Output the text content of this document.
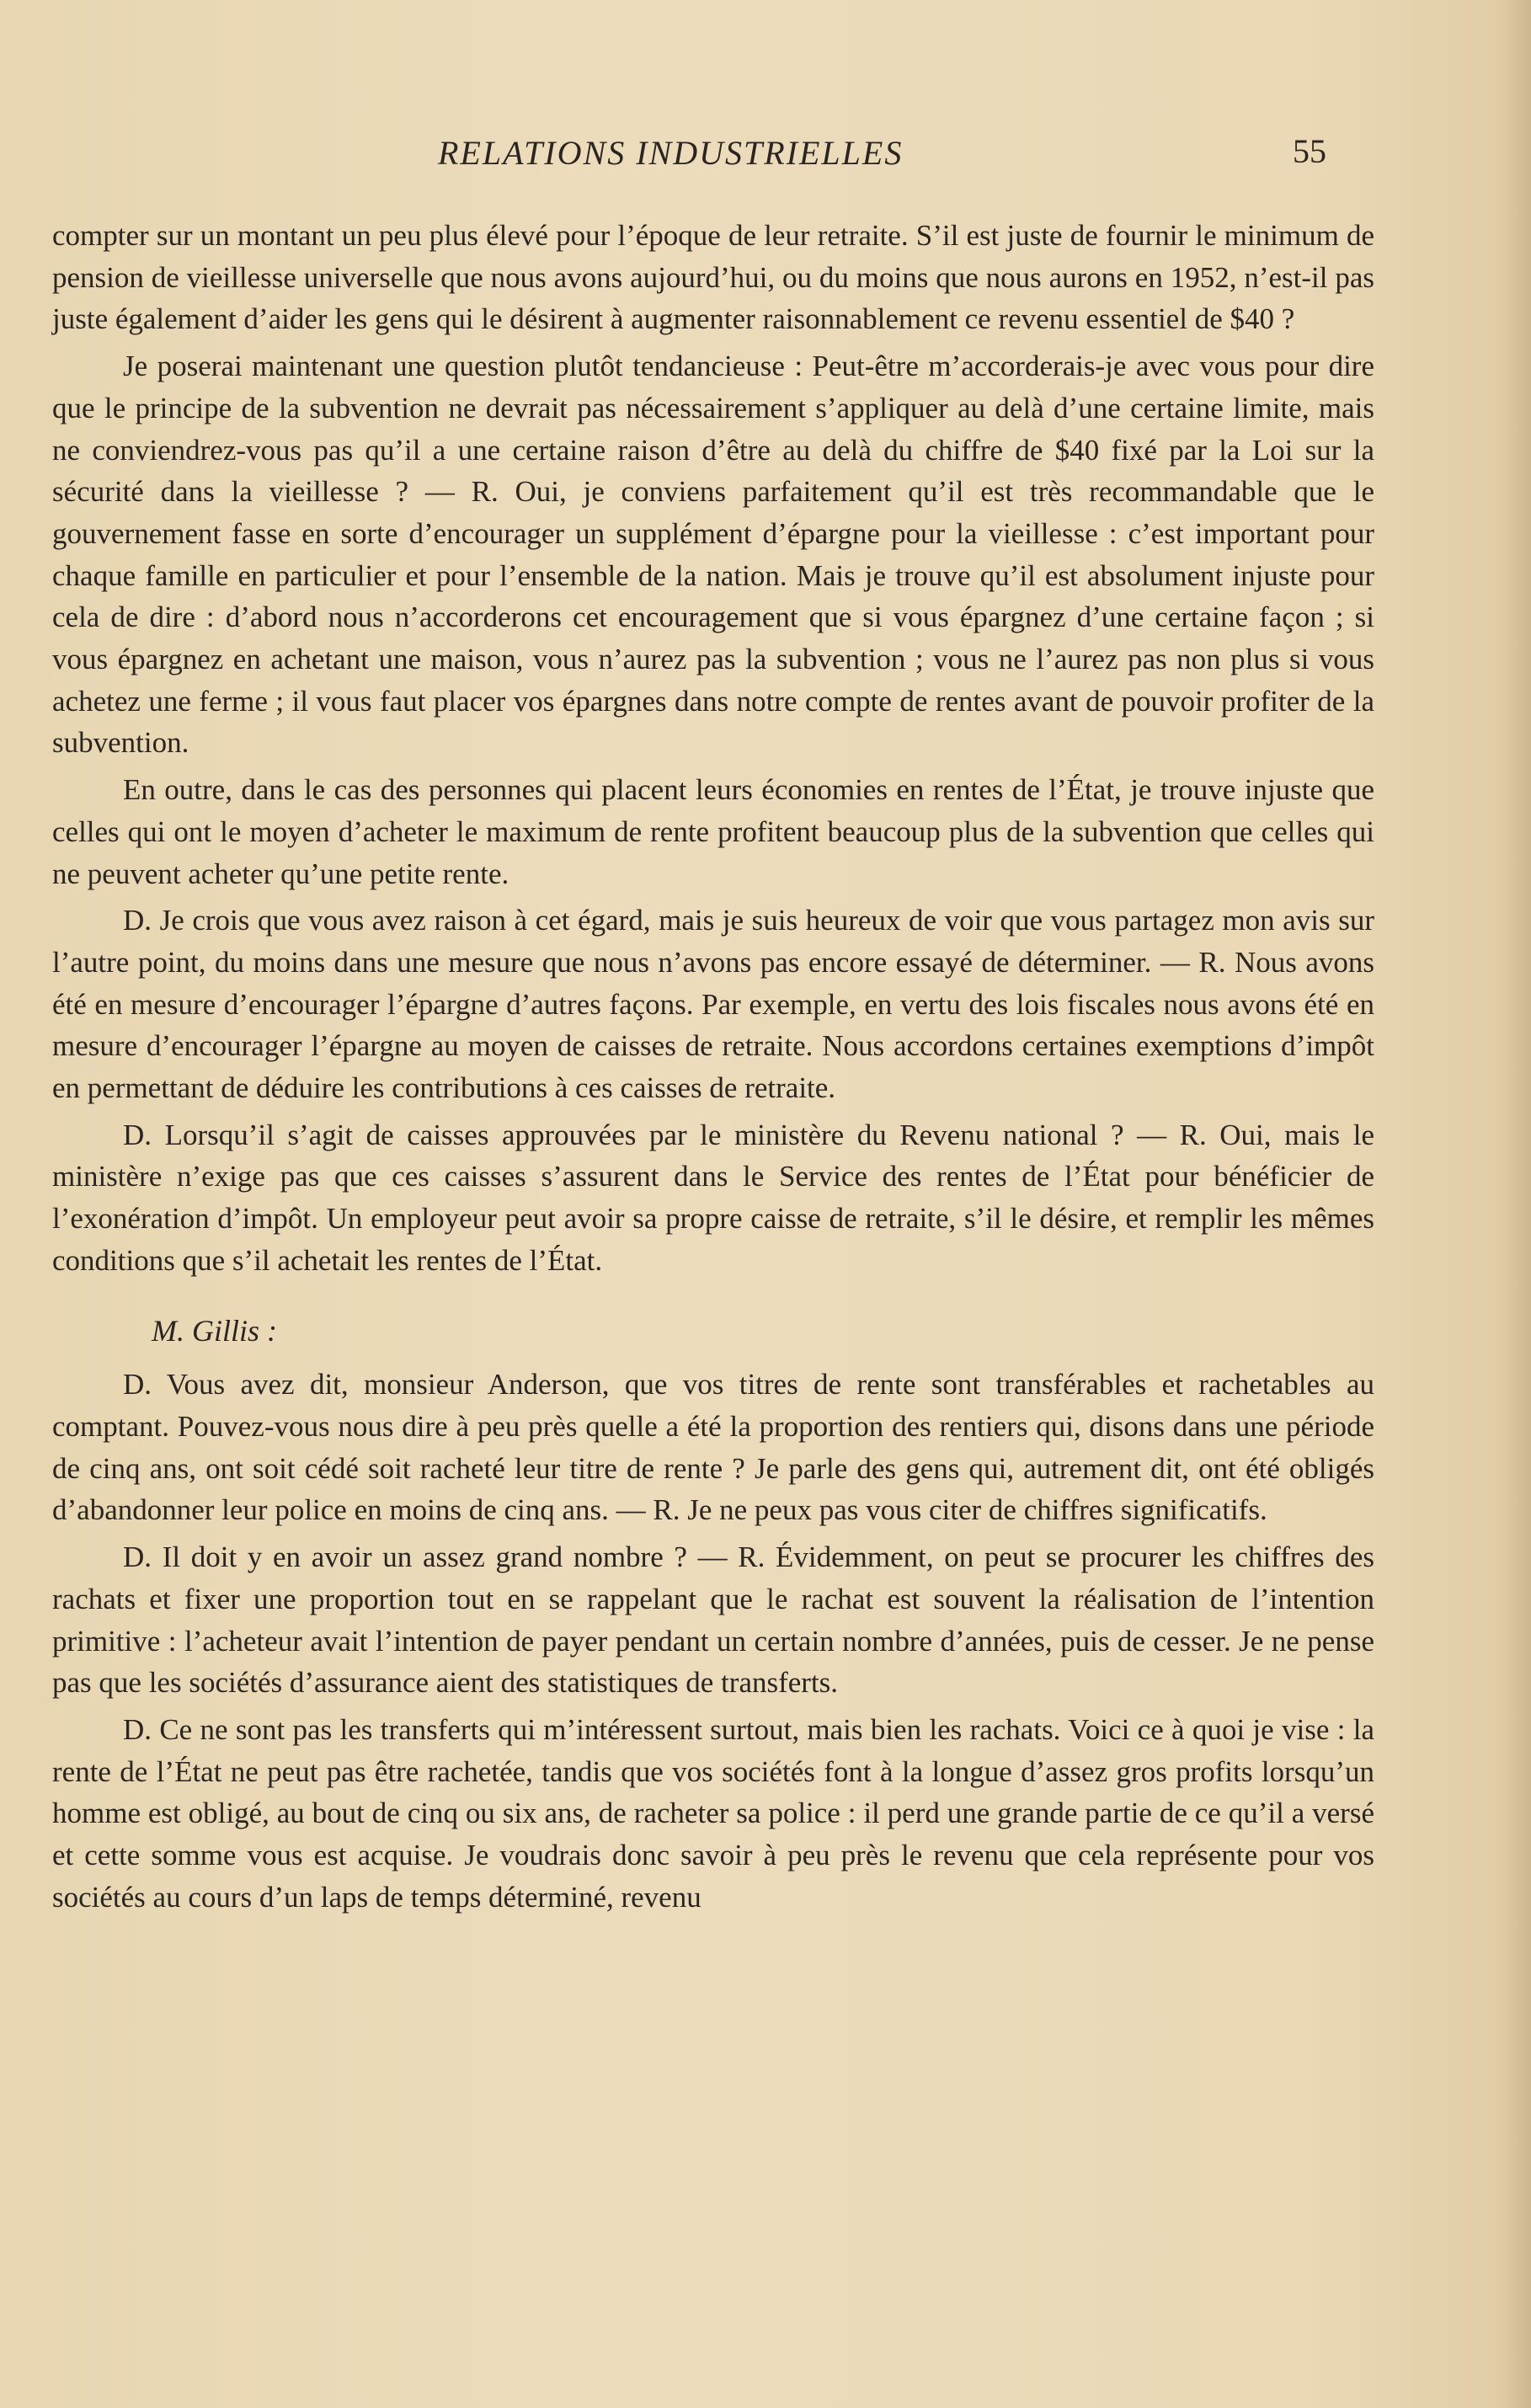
RELATIONS INDUSTRIELLES	55

compter sur un montant un peu plus élevé pour l’époque de leur retraite. S’il est juste de fournir le minimum de pension de vieillesse universelle que nous avons aujourd’hui, ou du moins que nous aurons en 1952, n’est-il pas juste également d’aider les gens qui le désirent à augmenter raisonnablement ce revenu essentiel de $40 ?

Je poserai maintenant une question plutôt tendancieuse : Peut-être m’accorderais-je avec vous pour dire que le principe de la subvention ne devrait pas nécessairement s’appliquer au delà d’une certaine limite, mais ne conviendrez-vous pas qu’il a une certaine raison d’être au delà du chiffre de $40 fixé par la Loi sur la sécurité dans la vieillesse ? — R. Oui, je conviens parfaitement qu’il est très recommandable que le gouvernement fasse en sorte d’encourager un supplément d’épargne pour la vieillesse : c’est important pour chaque famille en particulier et pour l’ensemble de la nation. Mais je trouve qu’il est absolument injuste pour cela de dire : d’abord nous n’accorderons cet encouragement que si vous épargnez d’une certaine façon ; si vous épargnez en achetant une maison, vous n’aurez pas la subvention ; vous ne l’aurez pas non plus si vous achetez une ferme ; il vous faut placer vos épargnes dans notre compte de rentes avant de pouvoir profiter de la subvention.

En outre, dans le cas des personnes qui placent leurs économies en rentes de l’État, je trouve injuste que celles qui ont le moyen d’acheter le maximum de rente profitent beaucoup plus de la subvention que celles qui ne peuvent acheter qu’une petite rente.

D. Je crois que vous avez raison à cet égard, mais je suis heureux de voir que vous partagez mon avis sur l’autre point, du moins dans une mesure que nous n’avons pas encore essayé de déterminer. — R. Nous avons été en mesure d’encourager l’épargne d’autres façons. Par exemple, en vertu des lois fiscales nous avons été en mesure d’encourager l’épargne au moyen de caisses de retraite. Nous accordons certaines exemptions d’impôt en permettant de déduire les contributions à ces caisses de retraite.

D. Lorsqu’il s’agit de caisses approuvées par le ministère du Revenu national ? — R. Oui, mais le ministère n’exige pas que ces caisses s’assurent dans le Service des rentes de l’État pour bénéficier de l’exonération d’impôt. Un employeur peut avoir sa propre caisse de retraite, s’il le désire, et remplir les mêmes conditions que s’il achetait les rentes de l’État.

M. Gillis :

D. Vous avez dit, monsieur Anderson, que vos titres de rente sont transférables et rachetables au comptant. Pouvez-vous nous dire à peu près quelle a été la proportion des rentiers qui, disons dans une période de cinq ans, ont soit cédé soit racheté leur titre de rente ? Je parle des gens qui, autrement dit, ont été obligés d’abandonner leur police en moins de cinq ans. — R. Je ne peux pas vous citer de chiffres significatifs.

D. Il doit y en avoir un assez grand nombre ? — R. Évidemment, on peut se procurer les chiffres des rachats et fixer une proportion tout en se rappelant que le rachat est souvent la réalisation de l’intention primitive : l’acheteur avait l’intention de payer pendant un certain nombre d’années, puis de cesser. Je ne pense pas que les sociétés d’assurance aient des statistiques de transferts.

D. Ce ne sont pas les transferts qui m’intéressent surtout, mais bien les rachats. Voici ce à quoi je vise : la rente de l’État ne peut pas être rachetée, tandis que vos sociétés font à la longue d’assez gros profits lorsqu’un homme est obligé, au bout de cinq ou six ans, de racheter sa police : il perd une grande partie de ce qu’il a versé et cette somme vous est acquise. Je voudrais donc savoir à peu près le revenu que cela représente pour vos sociétés au cours d’un laps de temps déterminé, revenu
